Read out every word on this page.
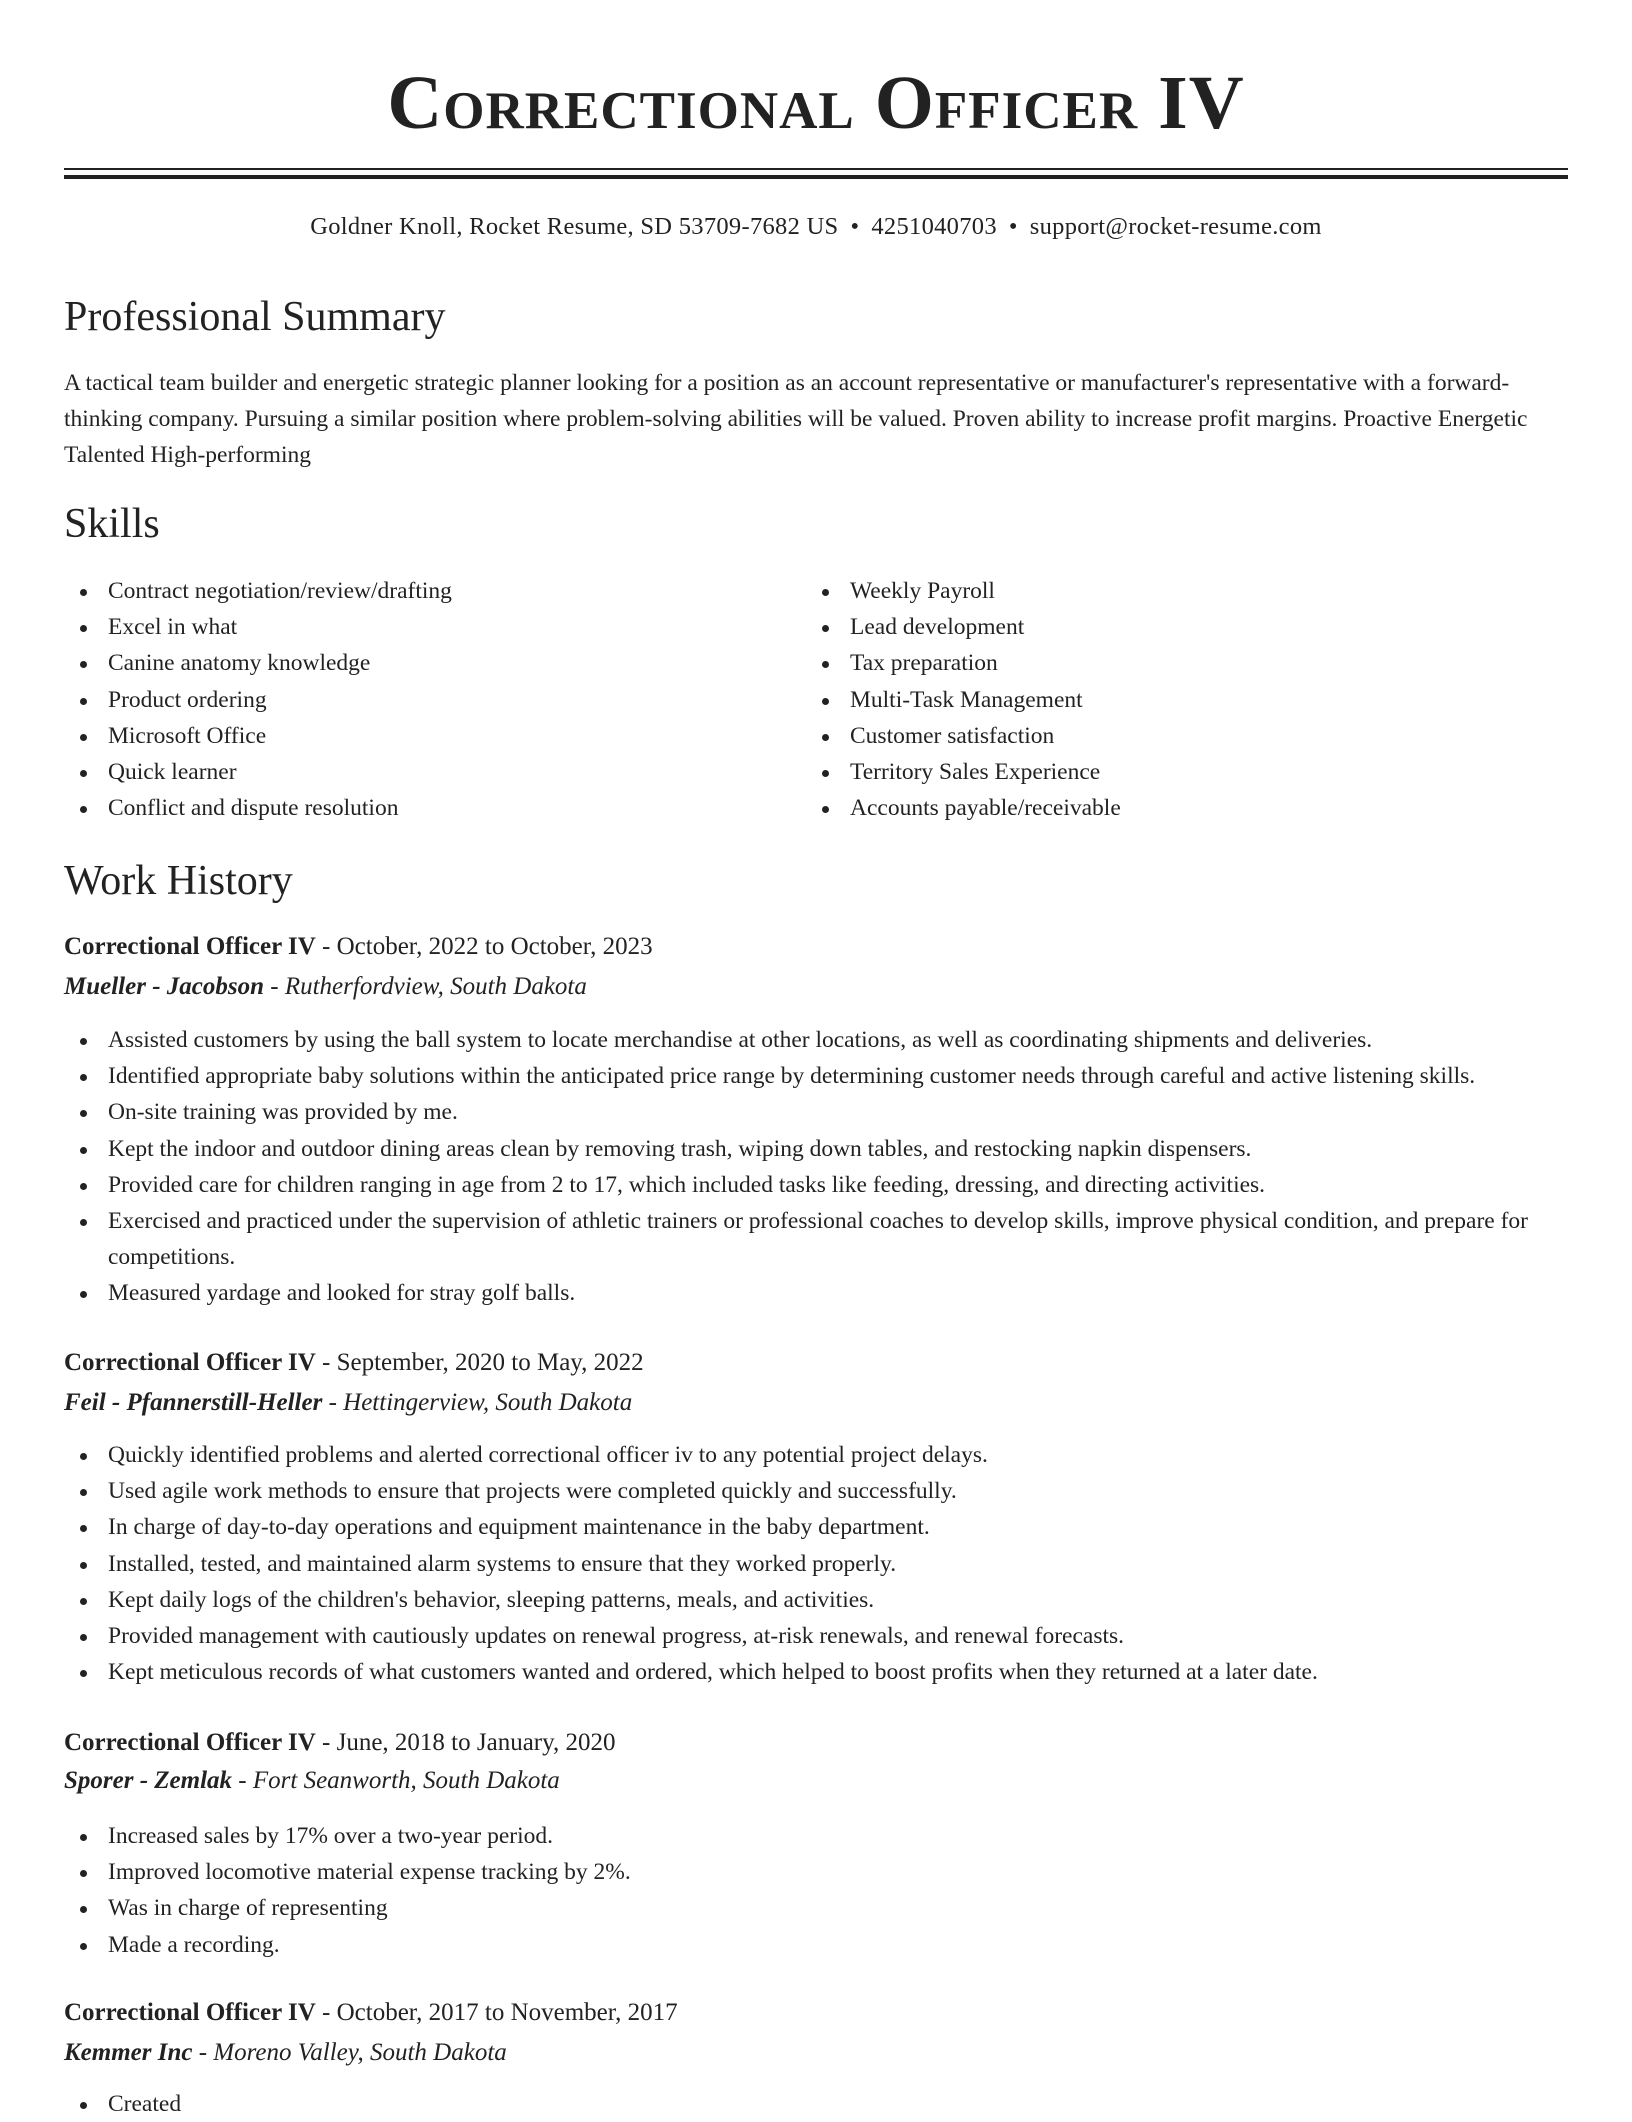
Correctional Officer IV
Goldner Knoll, Rocket Resume, SD 53709-7682 US • 4251040703 • support@rocket-resume.com
Professional Summary

A tactical team builder and energetic strategic planner looking for a position as an account representative or manufacturer's representative with a forward-thinking company. Pursuing a similar position where problem-solving abilities will be valued. Proven ability to increase profit margins. Proactive Energetic Talented High-performing

Skills
Contract negotiation/review/drafting
Excel in what
Canine anatomy knowledge
Product ordering
Microsoft Office
Quick learner
Conflict and dispute resolution
Weekly Payroll
Lead development
Tax preparation
Multi-Task Management
Customer satisfaction
Territory Sales Experience
Accounts payable/receivable
Work History
Correctional Officer IV - October, 2022 to October, 2023
Mueller - Jacobson - Rutherfordview, South Dakota
Assisted customers by using the ball system to locate merchandise at other locations, as well as coordinating shipments and deliveries.
Identified appropriate baby solutions within the anticipated price range by determining customer needs through careful and active listening skills.
On-site training was provided by me.
Kept the indoor and outdoor dining areas clean by removing trash, wiping down tables, and restocking napkin dispensers.
Provided care for children ranging in age from 2 to 17, which included tasks like feeding, dressing, and directing activities.
Exercised and practiced under the supervision of athletic trainers or professional coaches to develop skills, improve physical condition, and prepare for competitions.
Measured yardage and looked for stray golf balls.
Correctional Officer IV - September, 2020 to May, 2022
Feil - Pfannerstill-Heller - Hettingerview, South Dakota
Quickly identified problems and alerted correctional officer iv to any potential project delays.
Used agile work methods to ensure that projects were completed quickly and successfully.
In charge of day-to-day operations and equipment maintenance in the baby department.
Installed, tested, and maintained alarm systems to ensure that they worked properly.
Kept daily logs of the children's behavior, sleeping patterns, meals, and activities.
Provided management with cautiously updates on renewal progress, at-risk renewals, and renewal forecasts.
Kept meticulous records of what customers wanted and ordered, which helped to boost profits when they returned at a later date.
Correctional Officer IV - June, 2018 to January, 2020
Sporer - Zemlak - Fort Seanworth, South Dakota
Increased sales by 17% over a two-year period.
Improved locomotive material expense tracking by 2%.
Was in charge of representing
Made a recording.
Correctional Officer IV - October, 2017 to November, 2017
Kemmer Inc - Moreno Valley, South Dakota
Created
